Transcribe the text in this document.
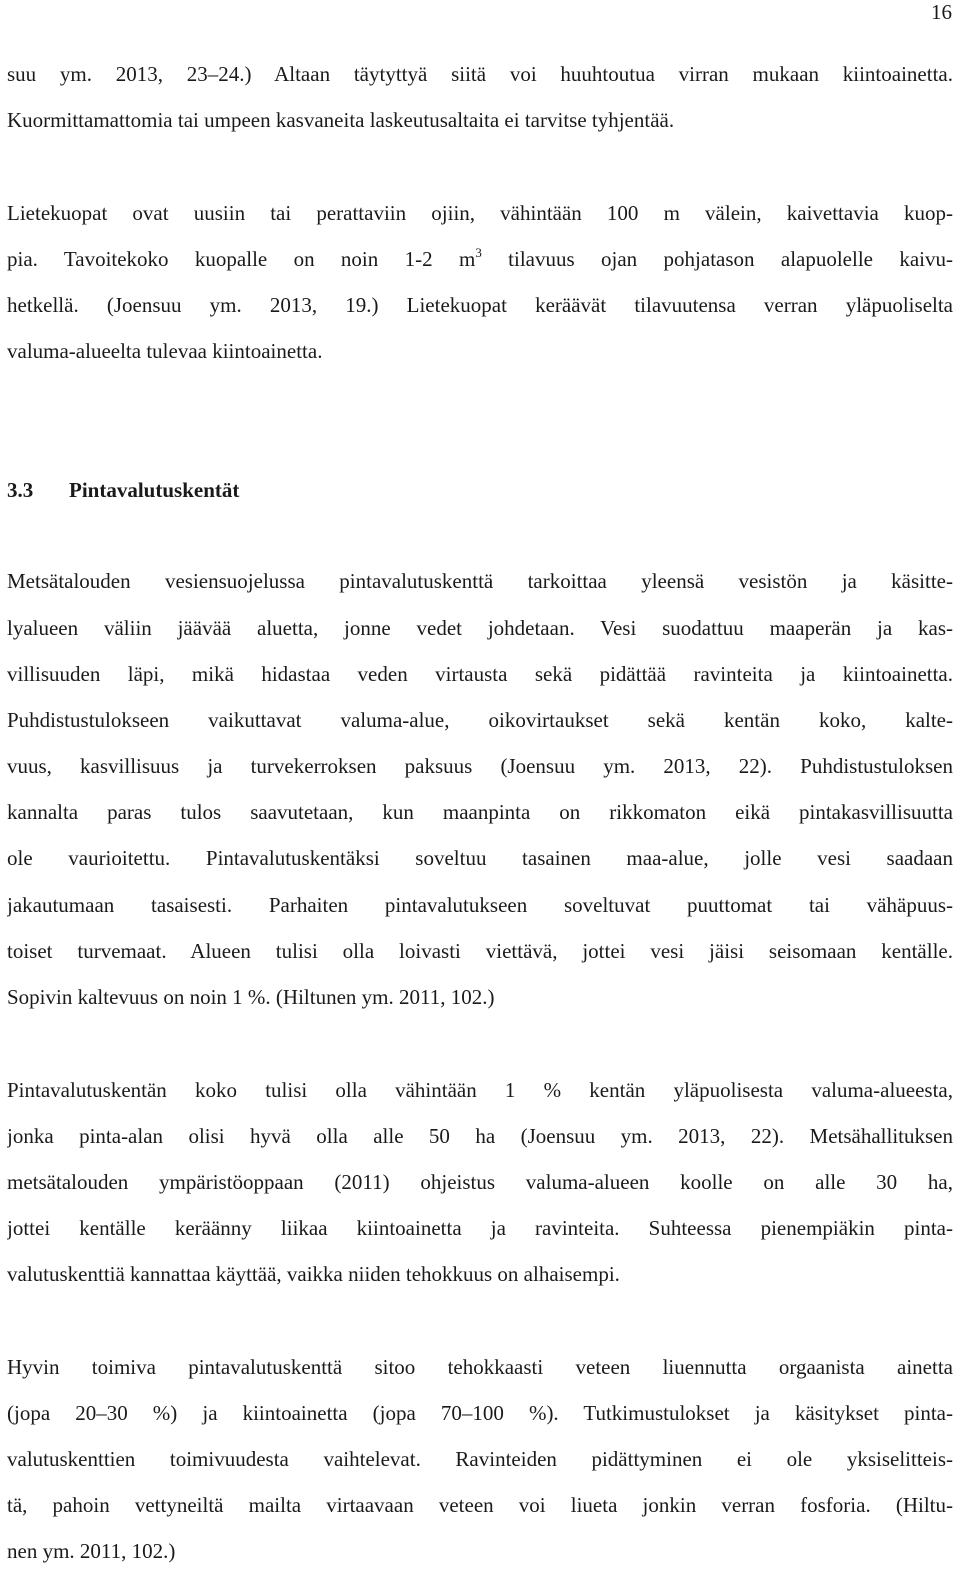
16
suu ym. 2013, 23–24.) Altaan täytyttyä siitä voi huuhtoutua virran mukaan kiintoainetta.
Kuormittamattomia tai umpeen kasvaneita laskeutusaltaita ei tarvitse tyhjentää.
Lietekuopat ovat uusiin tai perattaviin ojiin, vähintään 100 m välein, kaivettavia kuop-
pia. Tavoitekoko kuopalle on noin 1-2 $m^3$ tilavuus ojan pohjatason alapuolelle kaivu-
hetkellä. (Joensuu ym. 2013, 19.) Lietekuopat keräävät tilavuutensa verran yläpuoliselta
valuma-alueelta tulevaa kiintoainetta.
3.3 Pintavalutuskentät
Metsätalouden vesiensuojelussa pintavalutuskenttä tarkoittaa yleensä vesistön ja käsitte-
lyalueen väliin jäävää aluetta, jonne vedet johdetaan. Vesi suodattuu maaperän ja kas-
villisuuden läpi, mikä hidastaa veden virtausta sekä pidättää ravinteita ja kiintoainetta.
Puhdistustulokseen vaikuttavat valuma-alue, oikovirtaukset sekä kentän koko, kalte-
vuus, kasvillisuus ja turvekerroksen paksuus (Joensuu ym. 2013, 22). Puhdistustuloksen
kannalta paras tulos saavutetaan, kun maanpinta on rikkomaton eikä pintakasvillisuutta
ole vaurioitettu. Pintavalutuskentäksi soveltuu tasainen maa-alue, jolle vesi saadaan
jakautumaan tasaisesti. Parhaiten pintavalutukseen soveltuvat puuttomat tai vähäpuus-
toiset turvemaat. Alueen tulisi olla loivasti viettävä, jottei vesi jäisi seisomaan kentälle.
Sopivin kaltevuus on noin 1 %. (Hiltunen ym. 2011, 102.)
Pintavalutuskentän koko tulisi olla vähintään 1 % kentän yläpuolisesta valuma-alueesta,
jonka pinta-alan olisi hyvä olla alle 50 ha (Joensuu ym. 2013, 22). Metsähallituksen
metsätalouden ympäristöoppaan (2011) ohjeistus valuma-alueen koolle on alle 30 ha,
jottei kentälle keräänny liikaa kiintoainetta ja ravinteita. Suhteessa pienempiäkin pinta-
valutuskenttiä kannattaa käyttää, vaikka niiden tehokkuus on alhaisempi.
Hyvin toimiva pintavalutuskenttä sitoo tehokkaasti veteen liuennutta orgaanista ainetta
(jopa 20–30 %) ja kiintoainetta (jopa 70–100 %). Tutkimustulokset ja käsitykset pinta-
valutuskenttien toimivuudesta vaihtelevat. Ravinteiden pidättyminen ei ole yksiselitteis-
tä, pahoin vettyneiltä mailta virtaavaan veteen voi liueta jonkin verran fosforia. (Hiltu-
nen ym. 2011, 102.)
